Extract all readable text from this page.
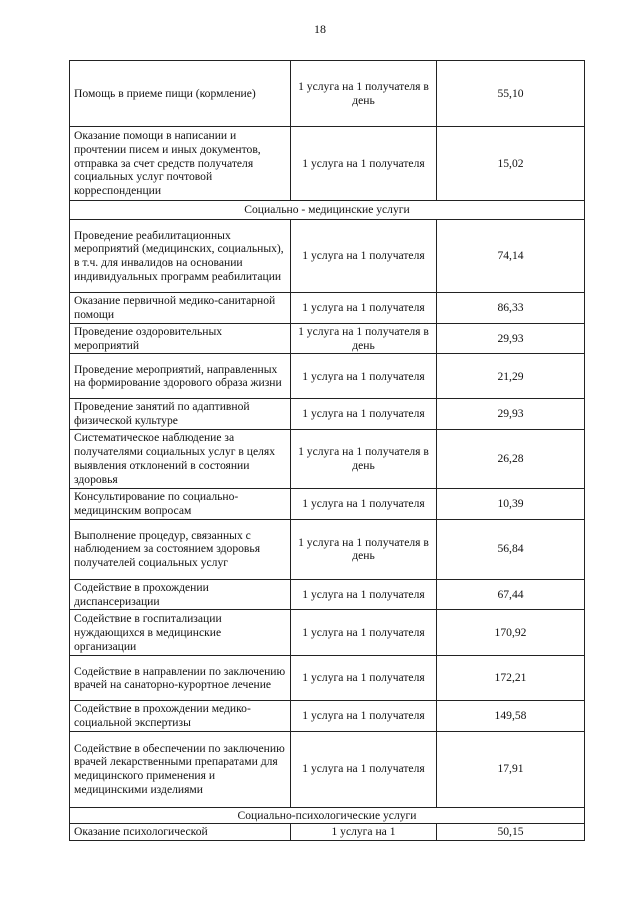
18
Помощь в приеме пищи (кормление)	1 услуга на 1 получателя в день	55,10
Оказание помощи в написании и прочтении писем и иных документов, отправка за счет средств получателя социальных услуг почтовой корреспонденции	1 услуга на 1 получателя	15,02
Социально - медицинские услуги		
Проведение реабилитационных мероприятий (медицинских, социальных), в т.ч. для инвалидов на основании индивидуальных программ реабилитации	1 услуга на 1 получателя	74,14
Оказание первичной медико-санитарной помощи	1 услуга на 1 получателя	86,33
Проведение оздоровительных мероприятий	1 услуга на 1 получателя в день	29,93
Проведение мероприятий, направленных на формирование здорового образа жизни	1 услуга на 1 получателя	21,29
Проведение занятий по адаптивной физической культуре	1 услуга на 1 получателя	29,93
Систематическое наблюдение за получателями социальных услуг в целях выявления отклонений в состоянии здоровья	1 услуга на 1 получателя в день	26,28
Консультирование по социально-медицинским вопросам	1 услуга на 1 получателя	10,39
Выполнение процедур, связанных с наблюдением за состоянием здоровья получателей социальных услуг	1 услуга на 1 получателя в день	56,84
Содействие в прохождении диспансеризации	1 услуга на 1 получателя	67,44
Содействие в госпитализации нуждающихся в медицинские организации	1 услуга на 1 получателя	170,92
Содействие в направлении по заключению врачей на санаторно-курортное лечение	1 услуга на 1 получателя	172,21
Содействие в прохождении медико-социальной экспертизы	1 услуга на 1 получателя	149,58
Содействие в обеспечении по заключению врачей лекарственными препаратами для медицинского применения и медицинскими изделиями	1 услуга на 1 получателя	17,91
Социально-психологические услуги		
Оказание психологической	1 услуга на 1	50,15
